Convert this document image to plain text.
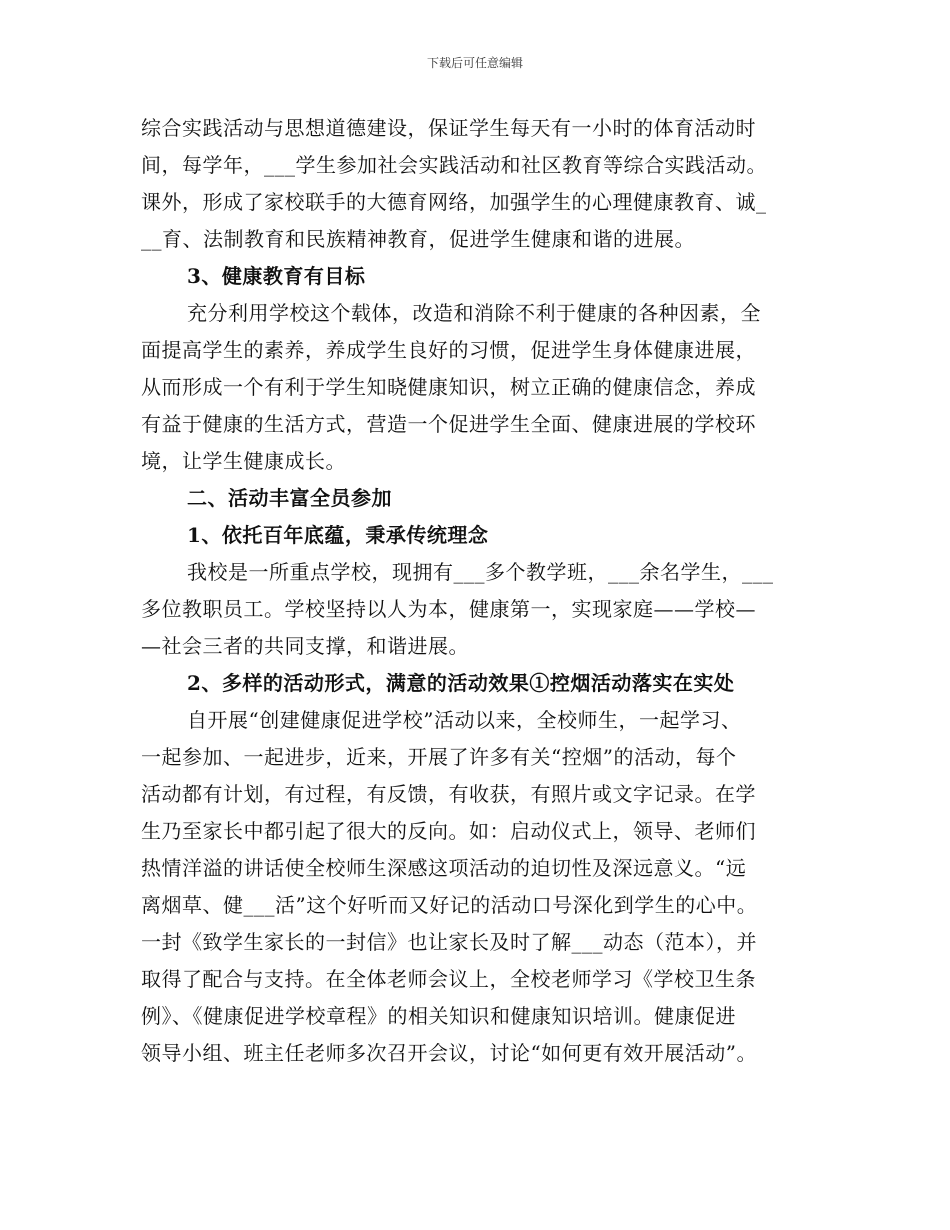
下载后可任意编辑
综合实践活动与思想道德建设，保证学生每天有一小时的体育活动时
间，每学年，___学生参加社会实践活动和社区教育等综合实践活动。
课外，形成了家校联手的大德育网络，加强学生的心理健康教育、诚_
__育、法制教育和民族精神教育，促进学生健康和谐的进展。
3、健康教育有目标
充分利用学校这个载体，改造和消除不利于健康的各种因素，全
面提高学生的素养，养成学生良好的习惯，促进学生身体健康进展，
从而形成一个有利于学生知晓健康知识，树立正确的健康信念，养成
有益于健康的生活方式，营造一个促进学生全面、健康进展的学校环
境，让学生健康成长。
二、活动丰富全员参加
1、依托百年底蕴，秉承传统理念
我校是一所重点学校，现拥有___多个教学班，___余名学生，___
多位教职员工。学校坚持以人为本，健康第一，实现家庭——学校—
—社会三者的共同支撑，和谐进展。
2、多样的活动形式，满意的活动效果①控烟活动落实在实处
自开展“创建健康促进学校”活动以来，全校师生，一起学习、
一起参加、一起进步，近来，开展了许多有关“控烟”的活动，每个
活动都有计划，有过程，有反馈，有收获，有照片或文字记录。在学
生乃至家长中都引起了很大的反向。如：启动仪式上，领导、老师们
热情洋溢的讲话使全校师生深感这项活动的迫切性及深远意义。“远
离烟草、健___活”这个好听而又好记的活动口号深化到学生的心中。
一封《致学生家长的一封信》也让家长及时了解___动态（范本），并
取得了配合与支持。在全体老师会议上，全校老师学习《学校卫生条
例》、《健康促进学校章程》的相关知识和健康知识培训。健康促进
领导小组、班主任老师多次召开会议，讨论“如何更有效开展活动”。
